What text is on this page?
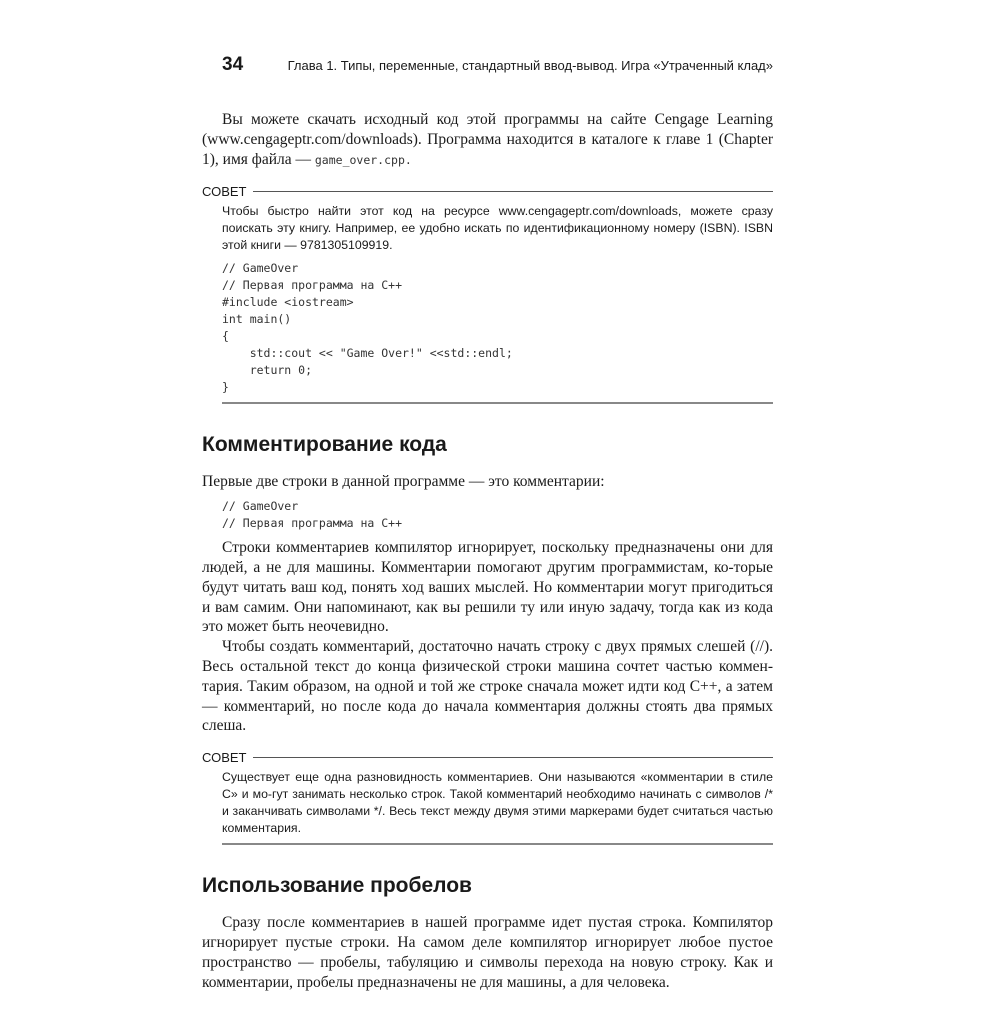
34	Глава 1. Типы, переменные, стандартный ввод-вывод. Игра «Утраченный клад»

Вы можете скачать исходный код этой программы на сайте Cengage Learning (www.cengageptr.com/downloads). Программа находится в каталоге к главе 1 (Chapter 1), имя файла — game_over.cpp.

СОВЕТ

Чтобы быстро найти этот код на ресурсе www.cengageptr.com/downloads, можете сразу поискать эту книгу. Например, ее удобно искать по идентификационному номеру (ISBN). ISBN этой книги — 9781305109919.

// GameOver
// Первая программа на C++
#include <iostream>
int main()
{
std::cout << "Game Over!" <<std::endl;
return 0;
}
Комментирование кода

Первые две строки в данной программе — это комментарии:

// GameOver
// Первая программа на C++

Строки комментариев компилятор игнорирует, поскольку предназначены они для людей, а не для машины. Комментарии помогают другим программистам, ко-торые будут читать ваш код, понять ход ваших мыслей. Но комментарии могут пригодиться и вам самим. Они напоминают, как вы решили ту или иную задачу, тогда как из кода это может быть неочевидно.

Чтобы создать комментарий, достаточно начать строку с двух прямых слешей (//). Весь остальной текст до конца физической строки машина сочтет частью коммен-тария. Таким образом, на одной и той же строке сначала может идти код C++, а затем — комментарий, но после кода до начала комментария должны стоять два прямых слеша.

СОВЕТ

Существует еще одна разновидность комментариев. Они называются «комментарии в стиле C» и мо-гут занимать несколько строк. Такой комментарий необходимо начинать с символов /* и заканчивать символами */. Весь текст между двумя этими маркерами будет считаться частью комментария.

Использование пробелов

Сразу после комментариев в нашей программе идет пустая строка. Компилятор игнорирует пустые строки. На самом деле компилятор игнорирует любое пустое пространство — пробелы, табуляцию и символы перехода на новую строку. Как и комментарии, пробелы предназначены не для машины, а для человека.
